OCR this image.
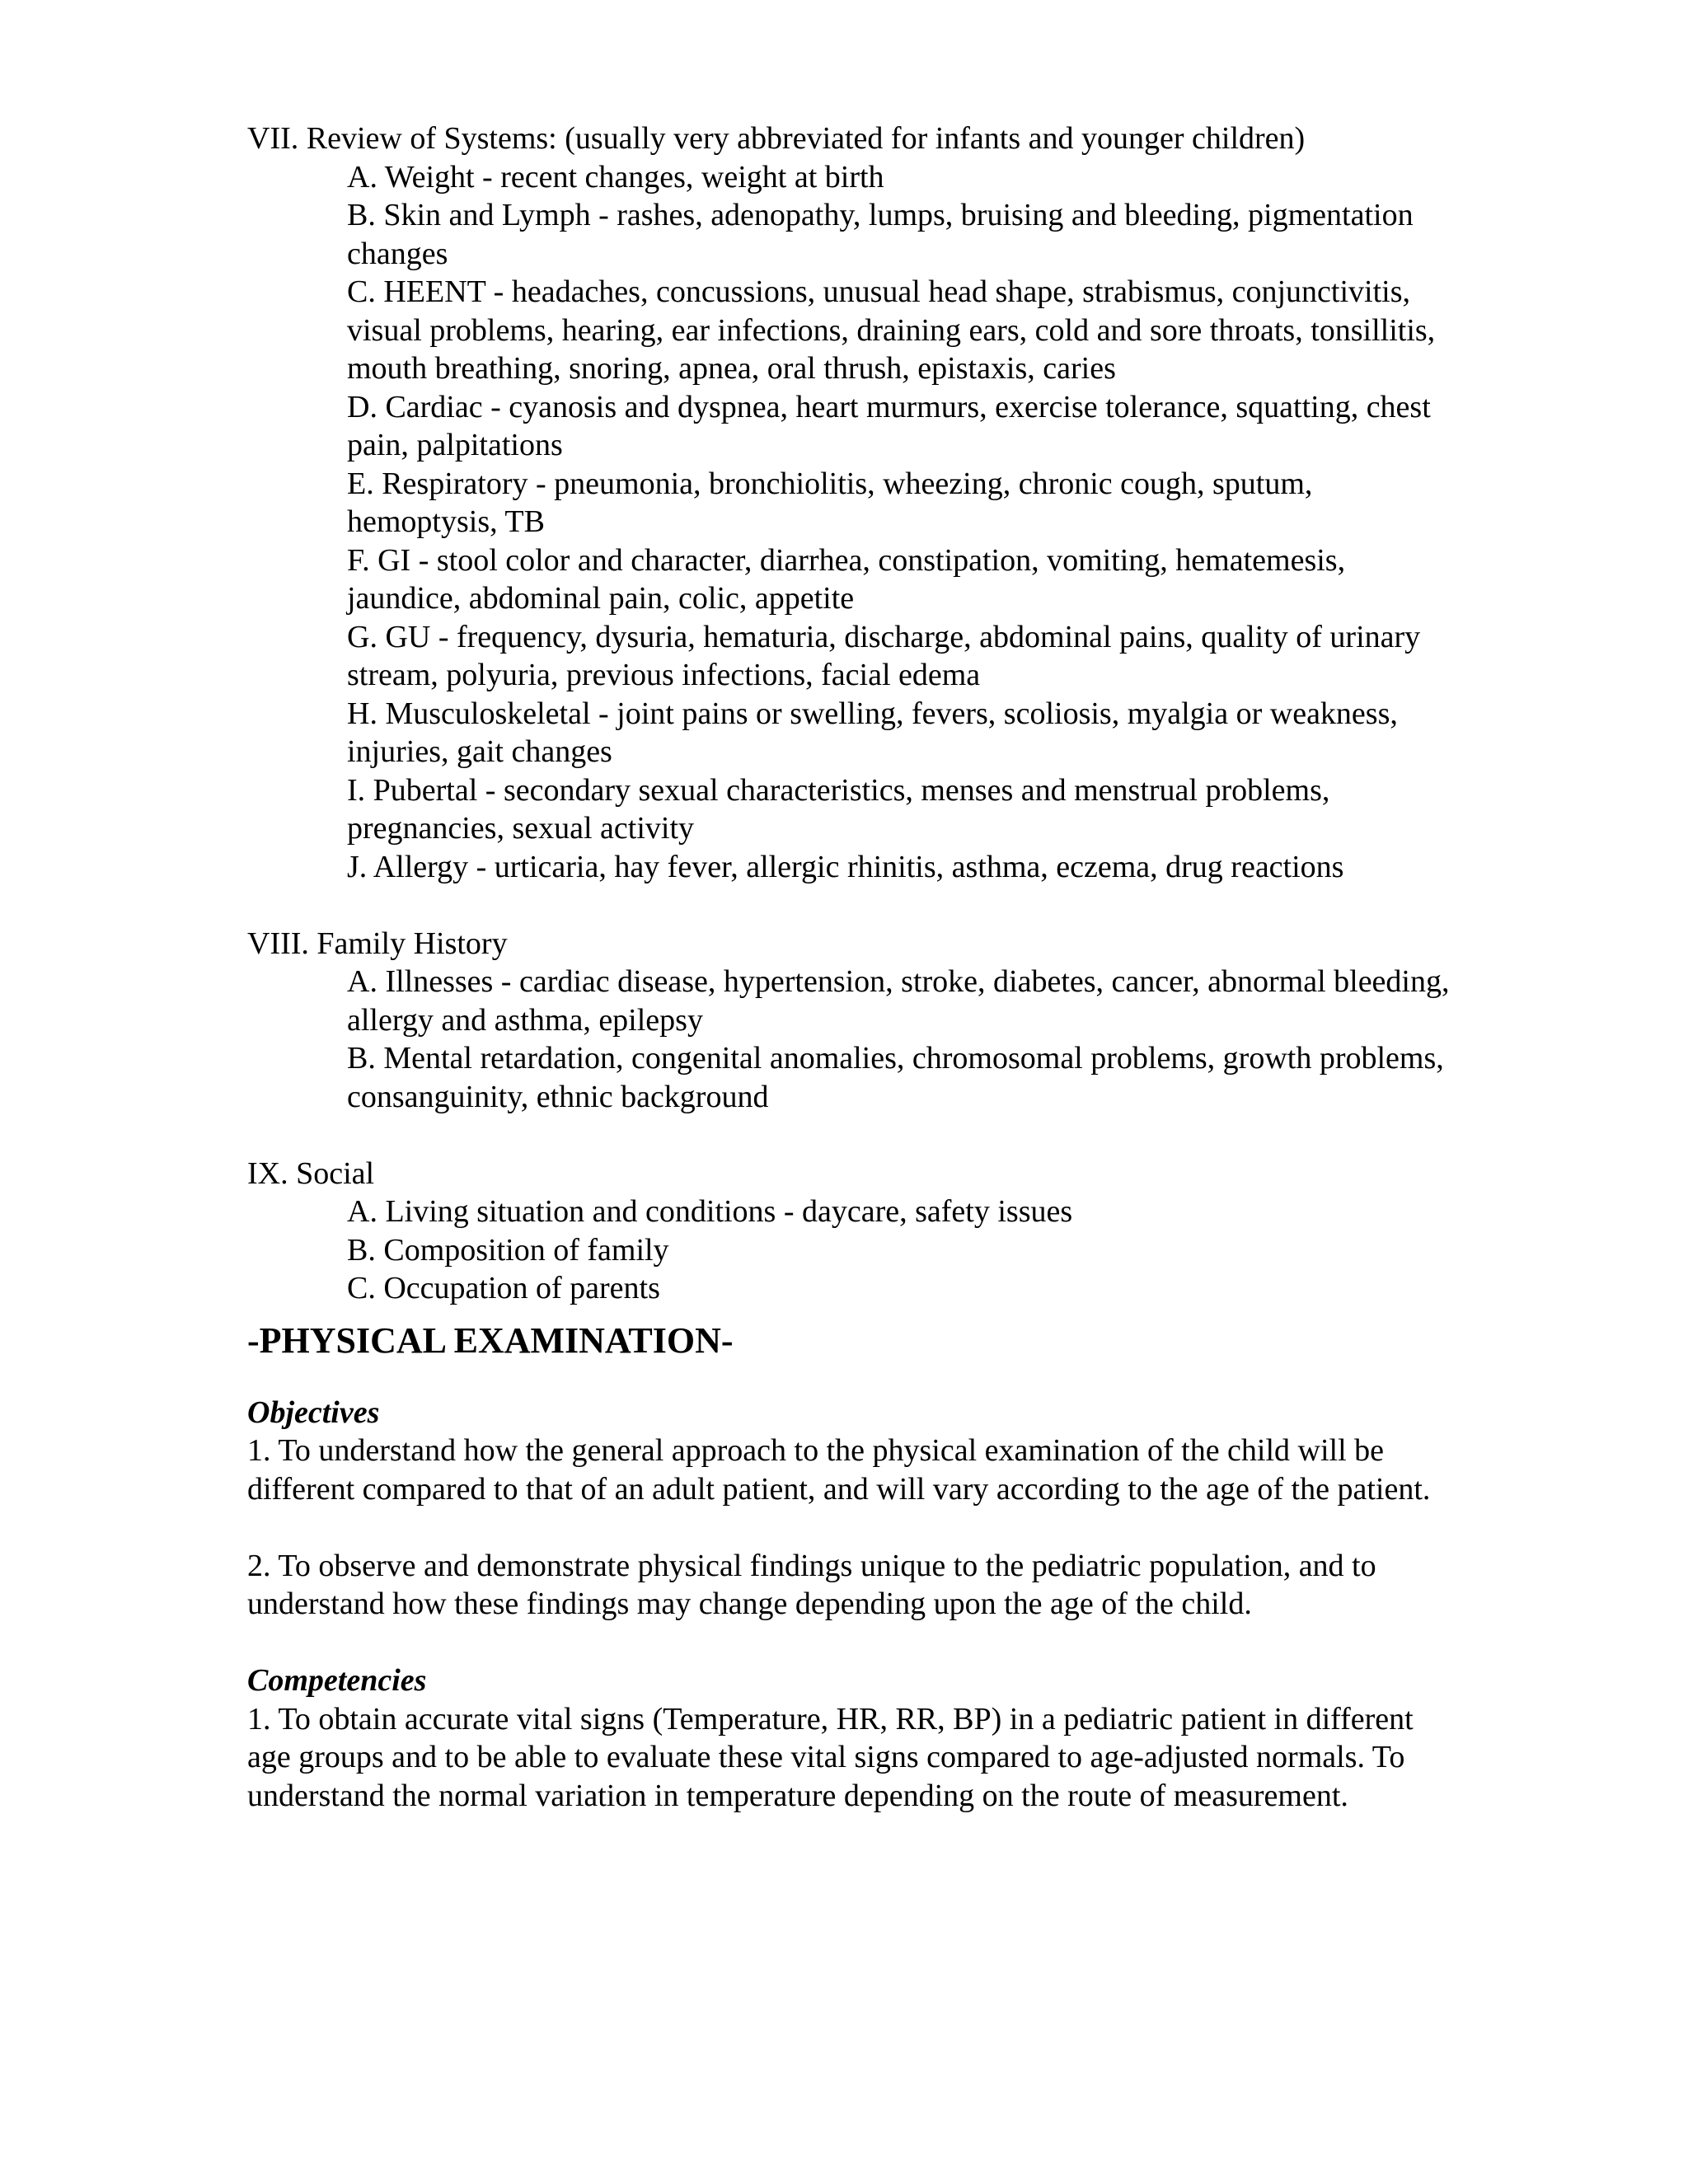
VII. Review of Systems: (usually very abbreviated for infants and younger children)

A. Weight - recent changes, weight at birth
B. Skin and Lymph - rashes, adenopathy, lumps, bruising and bleeding, pigmentation changes
C. HEENT - headaches, concussions, unusual head shape, strabismus, conjunctivitis, visual problems, hearing, ear infections, draining ears, cold and sore throats, tonsillitis, mouth breathing, snoring, apnea, oral thrush, epistaxis, caries
D. Cardiac - cyanosis and dyspnea, heart murmurs, exercise tolerance, squatting, chest pain, palpitations
E. Respiratory - pneumonia, bronchiolitis, wheezing, chronic cough, sputum, hemoptysis, TB
F. GI - stool color and character, diarrhea, constipation, vomiting, hematemesis, jaundice, abdominal pain, colic, appetite
G. GU - frequency, dysuria, hematuria, discharge, abdominal pains, quality of urinary stream, polyuria, previous infections, facial edema
H. Musculoskeletal - joint pains or swelling, fevers, scoliosis, myalgia or weakness, injuries, gait changes
I. Pubertal - secondary sexual characteristics, menses and menstrual problems, pregnancies, sexual activity
J. Allergy - urticaria, hay fever, allergic rhinitis, asthma, eczema, drug reactions

VIII. Family History

A. Illnesses - cardiac disease, hypertension, stroke, diabetes, cancer, abnormal bleeding, allergy and asthma, epilepsy
B. Mental retardation, congenital anomalies, chromosomal problems, growth problems, consanguinity, ethnic background

IX. Social

A. Living situation and conditions - daycare, safety issues
B. Composition of family
C. Occupation of parents
-PHYSICAL EXAMINATION-

Objectives

1. To understand how the general approach to the physical examination of the child will be different compared to that of an adult patient, and will vary according to the age of the patient.

2. To observe and demonstrate physical findings unique to the pediatric population, and to understand how these findings may change depending upon the age of the child.

Competencies

1. To obtain accurate vital signs (Temperature, HR, RR, BP) in a pediatric patient in different age groups and to be able to evaluate these vital signs compared to age-adjusted normals. To understand the normal variation in temperature depending on the route of measurement.
